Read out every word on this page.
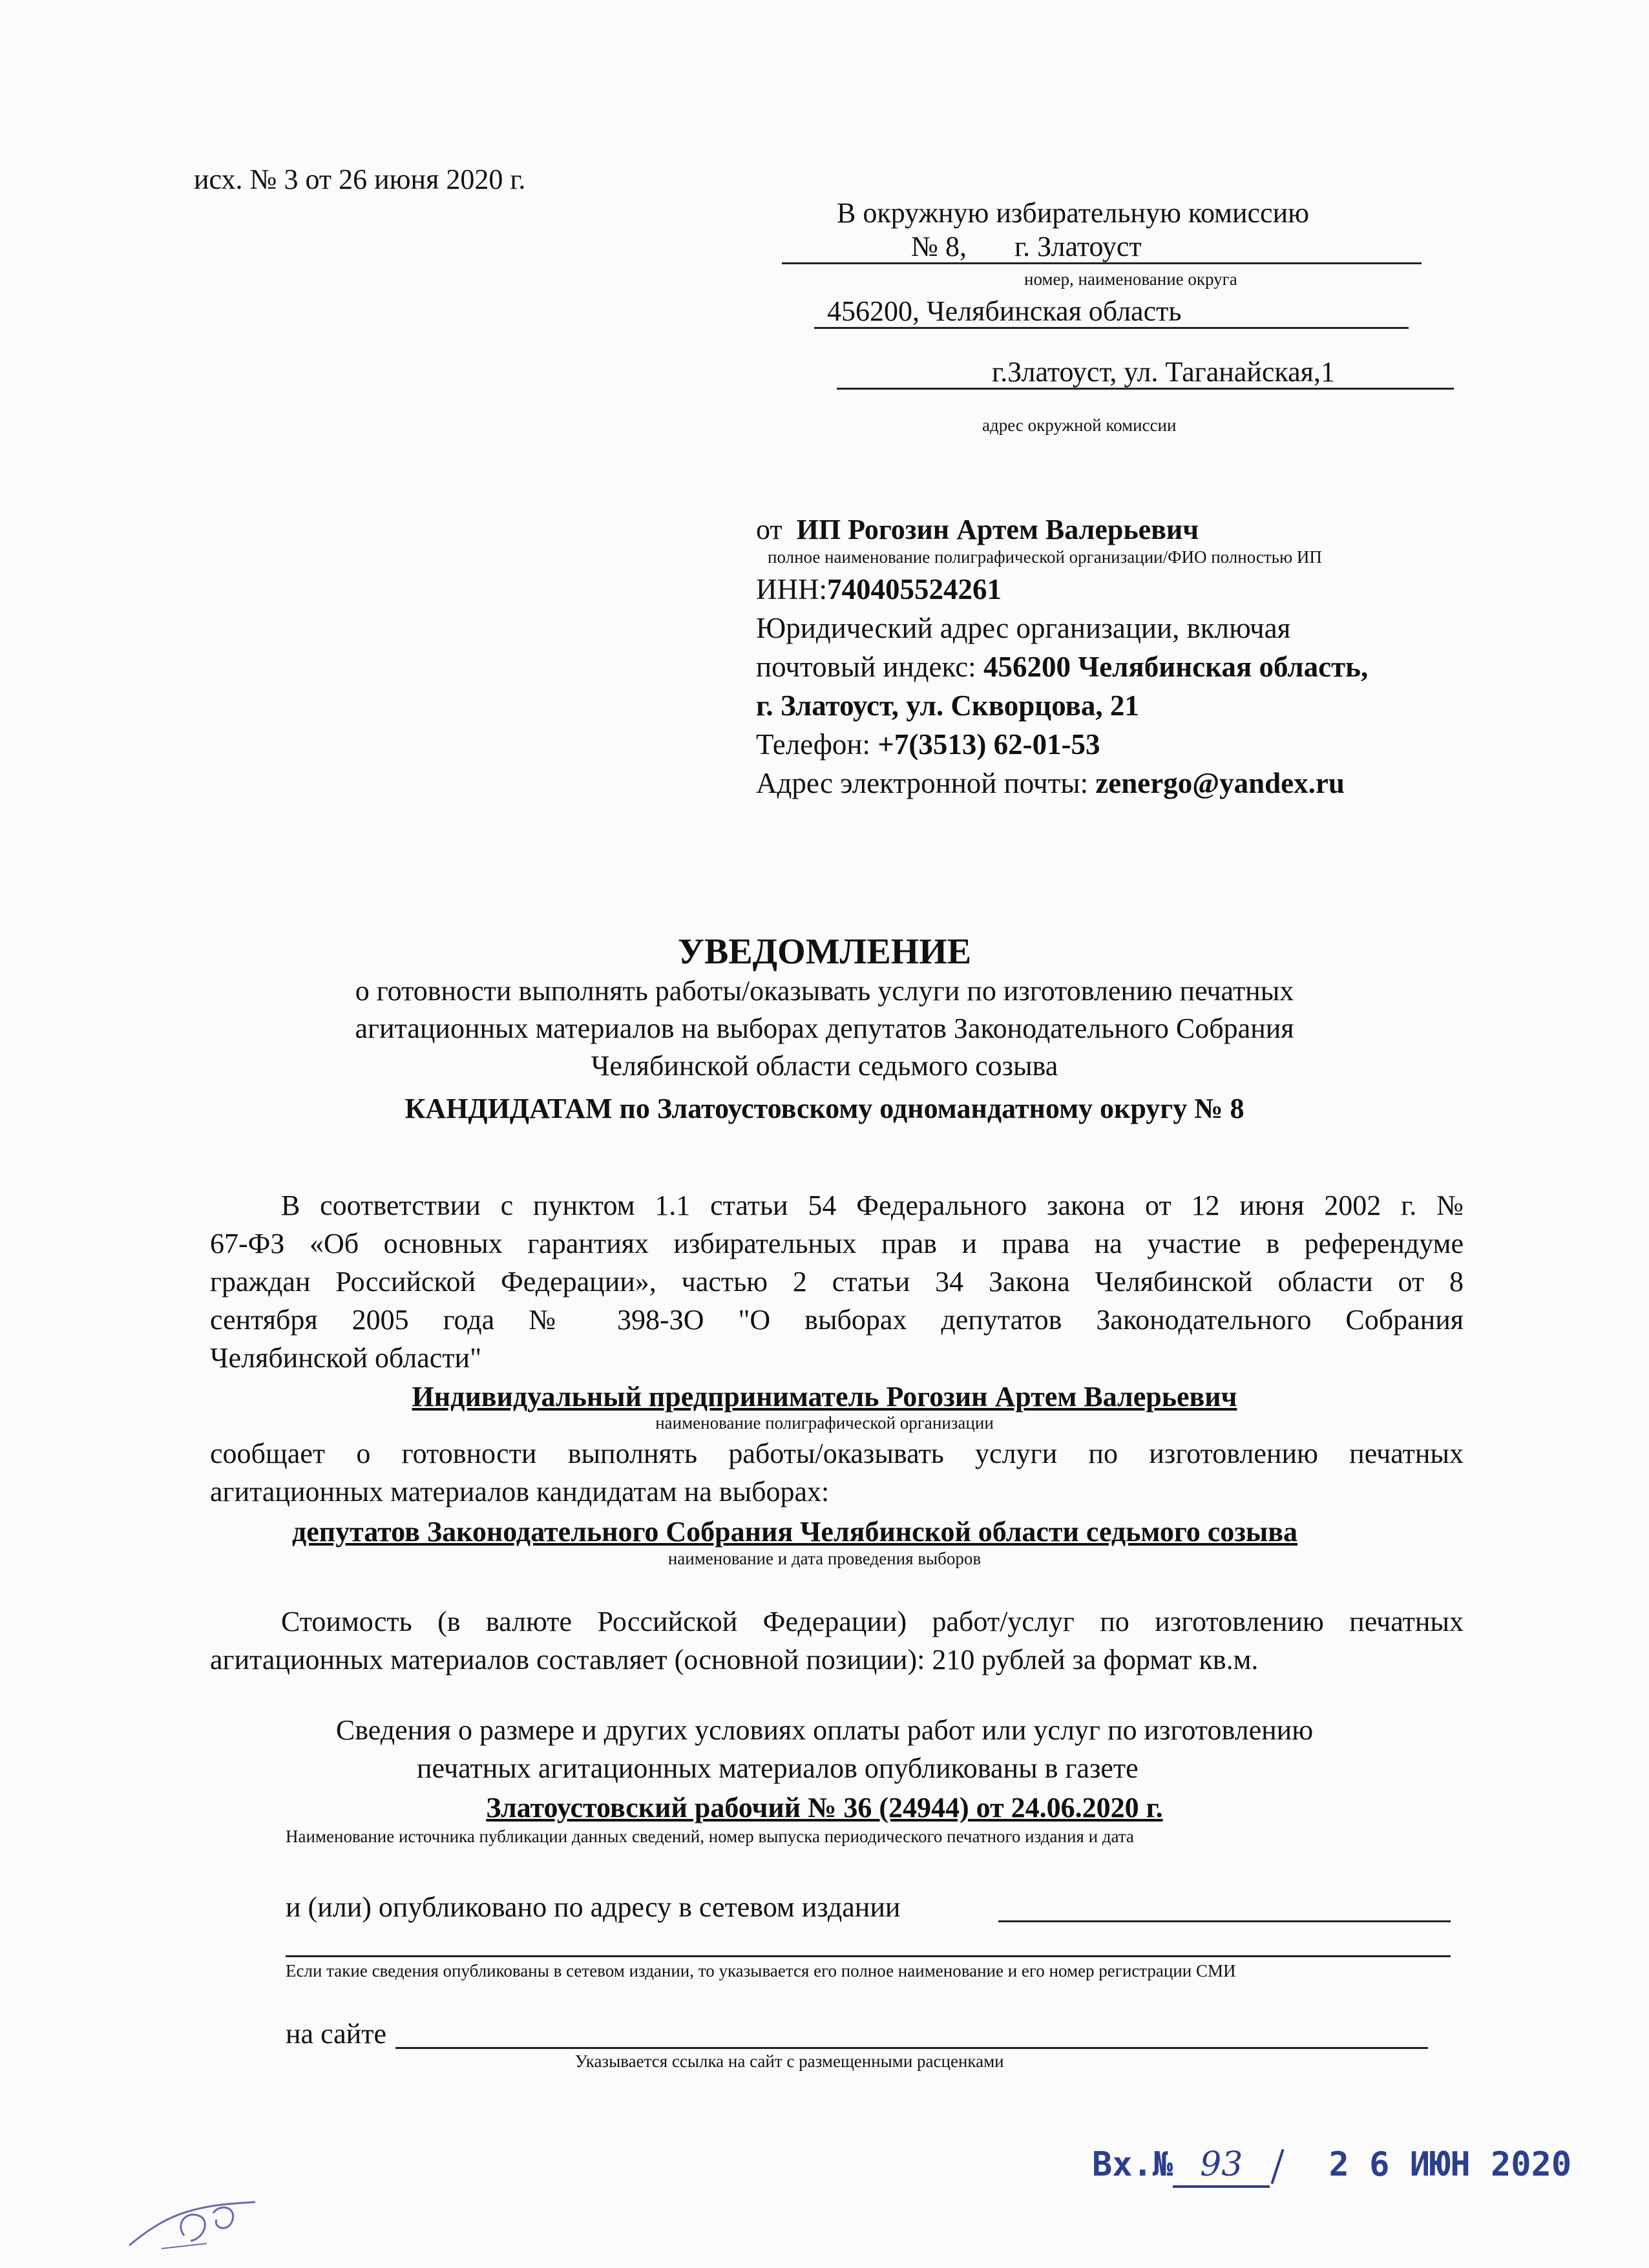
исх. № 3 от 26 июня 2020 г.
В окружную избирательную комиссию
№ 8, г. Златоуст
номер, наименование округа
456200, Челябинская область
г.Златоуст, ул. Таганайская,1
адрес окружной комиссии
от ИП Рогозин Артем Валерьевич
полное наименование полиграфической организации/ФИО полностью ИП
ИНН:740405524261
Юридический адрес организации, включая
почтовый индекс: 456200 Челябинская область,
г. Златоуст, ул. Скворцова, 21
Телефон: +7(3513) 62-01-53
Адрес электронной почты: zenergo@yandex.ru
УВЕДОМЛЕНИЕ
о готовности выполнять работы/оказывать услуги по изготовлению печатных
агитационных материалов на выборах депутатов Законодательного Собрания
Челябинской области седьмого созыва
КАНДИДАТАМ по Златоустовскому одномандатному округу № 8
В соответствии с пунктом 1.1 статьи 54 Федерального закона от 12 июня 2002 г. №
67-ФЗ «Об основных гарантиях избирательных прав и права на участие в референдуме
граждан Российской Федерации», частью 2 статьи 34 Закона Челябинской области от 8
сентября 2005 года № 398-ЗО "О выборах депутатов Законодательного Собрания
Челябинской области"
Индивидуальный предприниматель Рогозин Артем Валерьевич
наименование полиграфической организации
сообщает о готовности выполнять работы/оказывать услуги по изготовлению печатных
агитационных материалов кандидатам на выборах:
депутатов Законодательного Собрания Челябинской области седьмого созыва
наименование и дата проведения выборов
Стоимость (в валюте Российской Федерации) работ/услуг по изготовлению печатных
агитационных материалов составляет (основной позиции): 210 рублей за формат кв.м.
Сведения о размере и других условиях оплаты работ или услуг по изготовлению
печатных агитационных материалов опубликованы в газете
Златоустовский рабочий № 36 (24944) от 24.06.2020 г.
Наименование источника публикации данных сведений, номер выпуска периодического печатного издания и дата
и (или) опубликовано по адресу в сетевом издании
Если такие сведения опубликованы в сетевом издании, то указывается его полное наименование и его номер регистрации СМИ
на сайте
Указывается ссылка на сайт с размещенными расценками
Вх.№ 93	2 6 ИЮН 2020
